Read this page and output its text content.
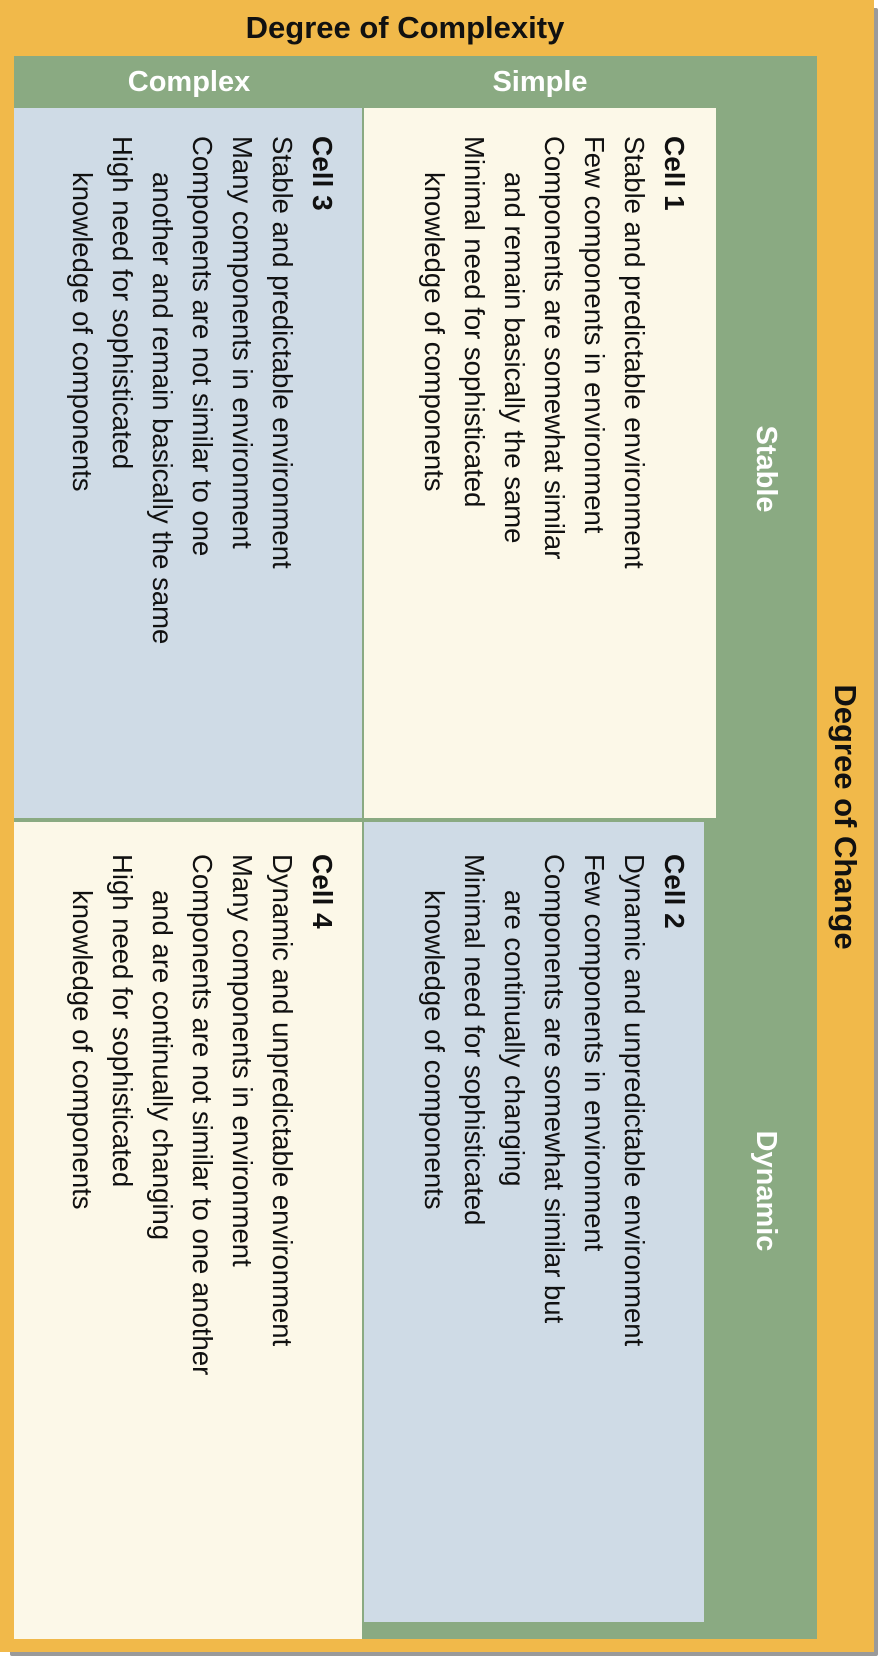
Degree of Complexity
Complex	Simple
Degree of Change
Stable
Dynamic
Cell 1
Stable and predictable environment
Few components in environment
Components are somewhat similar
and remain basically the same
Minimal need for sophisticated
knowledge of components
Cell 3
Stable and predictable environment
Many components in environment
Components are not similar to one
another and remain basically the same
High need for sophisticated
knowledge of components
Cell 2
Dynamic and unpredictable environment
Few components in environment
Components are somewhat similar but
are continually changing
Minimal need for sophisticated
knowledge of components
Cell 4
Dynamic and unpredictable environment
Many components in environment
Components are not similar to one another
and are continually changing
High need for sophisticated
knowledge of components
